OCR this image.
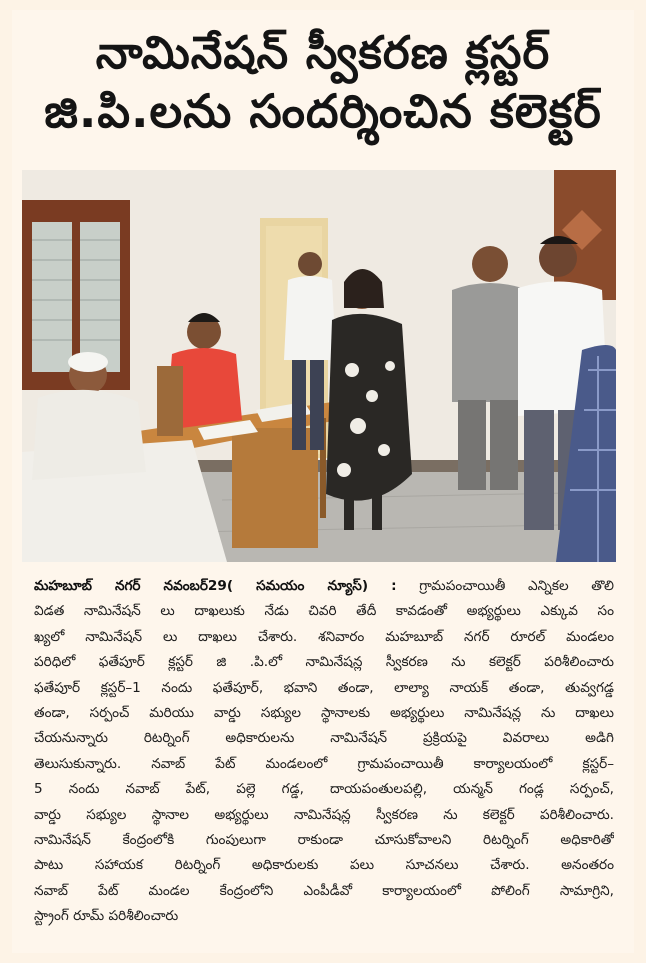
నామినేషన్ స్వీకరణ క్లస్టర్
జి.పి.లను సందర్శించిన కలెక్టర్
మహబూబ్ నగర్ నవంబర్29( సమయం న్యూస్) : గ్రామపంచాయితీ ఎన్నికల తొలి
విడత నామినేషన్ లు దాఖలుకు నేడు చివరి తేదీ కావడంతో అభ్యర్థులు ఎక్కువ సం
ఖ్యలో నామినేషన్ లు దాఖలు చేశారు. శనివారం మహబూబ్ నగర్ రూరల్ మండలం
పరిధిలో ఫతేపూర్ క్లస్టర్ జి .పి.లో నామినేషన్ల స్వీకరణ ను కలెక్టర్ పరిశీలించారు
ఫతేపూర్ క్లస్టర్–1 నందు ఫతేపూర్, భవాని తండా, లాల్యా నాయక్ తండా, తువ్వగడ్డ
తండా, సర్పంచ్ మరియు వార్డు సభ్యుల స్థానాలకు అభ్యర్థులు నామినేషన్ల ను దాఖలు
చేయనున్నారు రిటర్నింగ్ అధికారులను నామినేషన్ ప్రక్రియపై వివరాలు అడిగి
తెలుసుకున్నారు. నవాబ్ పేట్ మండలంలో గ్రామపంచాయితీ కార్యాలయంలో క్లస్టర్–
5 నందు నవాబ్ పేట్, పల్లె గడ్డ, దాయపంతులపల్లి, యన్మన్ గండ్ల సర్పంచ్,
వార్డు సభ్యుల స్థానాల అభ్యర్థులు నామినేషన్ల స్వీకరణ ను కలెక్టర్ పరిశీలించారు.
నామినేషన్ కేంద్రంలోకి గుంపులుగా రాకుండా చూసుకోవాలని రిటర్నింగ్ అధికారితో
పాటు సహాయక రిటర్నింగ్ అధికారులకు పలు సూచనలు చేశారు. అనంతరం
నవాబ్ పేట్ మండల కేంద్రంలోని ఎంపీడీవో కార్యాలయంలో పోలింగ్ సామాగ్రిని,
స్ట్రాంగ్ రూమ్ పరిశీలించారు
